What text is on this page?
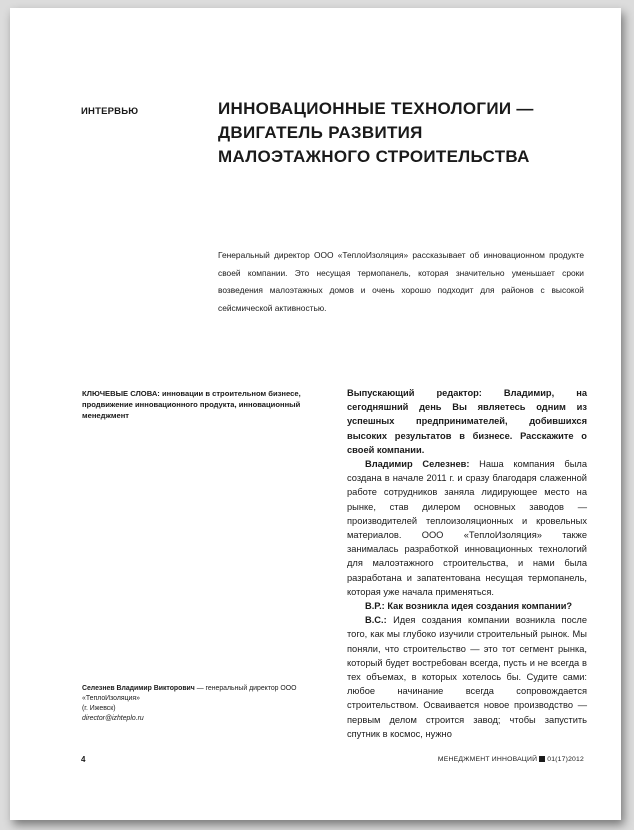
ИНТЕРВЬЮ	ИННОВАЦИОННЫЕ ТЕХНОЛОГИИ — ДВИГАТЕЛЬ РАЗВИТИЯ МАЛОЭТАЖНОГО СТРОИТЕЛЬСТВА

Генеральный директор ООО «ТеплоИзоляция» рассказывает об инновационном продукте своей компании. Это несущая термопанель, которая значительно уменьшает сроки возведения малоэтажных домов и очень хорошо подходит для районов с высокой сейсмической активностью.

КЛЮЧЕВЫЕ СЛОВА: инновации в строительном бизнесе, продвижение инновационного продукта, инновационный менеджмент

Селезнев Владимир Викторович — генеральный директор ООО «ТеплоИзоляция»

(г. Ижевск)

director@izhteplo.ru

Выпускающий редактор: Владимир, на сегодняшний день Вы являетесь одним из успешных предпринимателей, добившихся высоких результатов в бизнесе. Расскажите о своей компании.

Владимир Селезнев: Наша компания была создана в начале 2011 г. и сразу благодаря слаженной работе сотрудников заняла лидирующее место на рынке, став дилером основных заводов — производителей теплоизоляционных и кровельных материалов. ООО «ТеплоИзоляция» также занималась разработкой инновационных технологий для малоэтажного строительства, и нами была разработана и запатентована несущая термопанель, которая уже начала применяться.

В.Р.: Как возникла идея создания компании?

В.С.: Идея создания компании возникла после того, как мы глубоко изучили строительный рынок. Мы поняли, что строительство — это тот сегмент рынка, который будет востребован всегда, пусть и не всегда в тех объемах, в которых хотелось бы. Судите сами: любое начинание всегда сопровождается строительством. Осваивается новое производство — первым делом строится завод; чтобы запустить спутник в космос, нужно

4	МЕНЕДЖМЕНТ ИННОВАЦИЙ 01(17)2012
